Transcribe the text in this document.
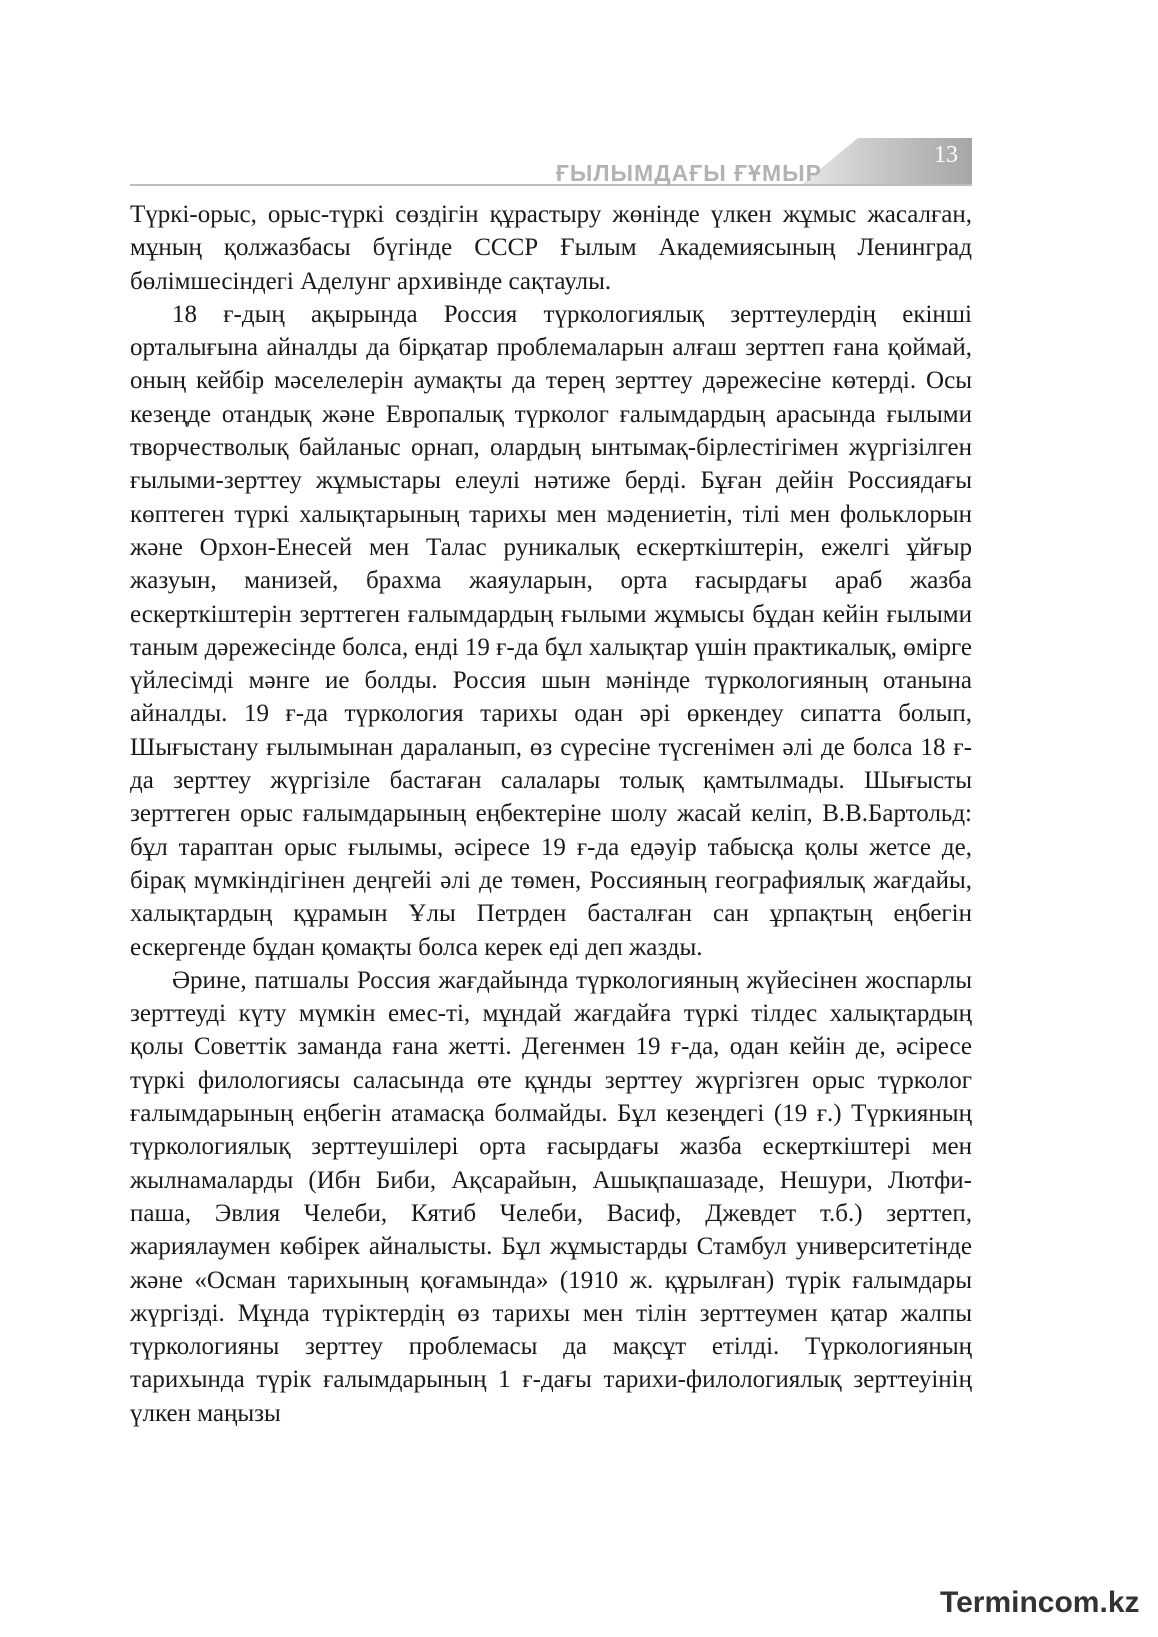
ҒЫЛЫМДАҒЫ ҒҰМЫР
13

Түркі-орыс, орыс-түркі сөздігін құрастыру жөнінде үлкен жұмыс жасалған, мұның қолжазбасы бүгінде СССР Ғылым Академиясының Ленинград бөлімшесіндегі Аделунг архивінде сақтаулы.

18 ғ-дың ақырында Россия түркологиялық зерттеулердің екінші орталығына айналды да бірқатар проблемаларын алғаш зерттеп ғана қоймай, оның кейбір мәселелерін аумақты да терең зерттеу дәрежесіне көтерді. Осы кезеңде отандық және Европалық түрколог ғалымдардың арасында ғылыми творчестволық байланыс орнап, олардың ынтымақ-бірлестігімен жүргізілген ғылыми-зерттеу жұмыстары елеулі нәтиже берді. Бұған дейін Россиядағы көптеген түркі халықтарының тарихы мен мәдениетін, тілі мен фольклорын және Орхон-Енесей мен Талас руникалық ескерткіштерін, ежелгі ұйғыр жазуын, манизей, брахма жаяуларын, орта ғасырдағы араб жазба ескерткіштерін зерттеген ғалымдардың ғылыми жұмысы бұдан кейін ғылыми таным дәрежесінде болса, енді 19 ғ-да бұл халықтар үшін практикалық, өмірге үйлесімді мәнге ие болды. Россия шын мәнінде түркологияның отанына айналды. 19 ғ-да түркология тарихы одан әрі өркендеу сипатта болып, Шығыстану ғылымынан дараланып, өз сүресіне түсгенімен әлі де болса 18 ғ-да зерттеу жүргізіле бастаған салалары толық қамтылмады. Шығысты зерттеген орыс ғалымдарының еңбектеріне шолу жасай келіп, В.В.Бартольд: бұл тараптан орыс ғылымы, әсіресе 19 ғ-да едәуір табысқа қолы жетсе де, бірақ мүмкіндігінен деңгейі әлі де төмен, Россияның географиялық жағдайы, халықтардың құрамын Ұлы Петрден басталған сан ұрпақтың еңбегін ескергенде бұдан қомақты болса керек еді деп жазды.

Әрине, патшалы Россия жағдайында түркологияның жүйесінен жоспарлы зерттеуді күту мүмкін емес-ті, мұндай жағдайға түркі тілдес халықтардың қолы Советтік заманда ғана жетті. Дегенмен 19 ғ-да, одан кейін де, әсіресе түркі филологиясы саласында өте құнды зерттеу жүргізген орыс түрколог ғалымдарының еңбегін атамасқа болмайды. Бұл кезеңдегі (19 ғ.) Түркияның түркологиялық зерттеушілері орта ғасырдағы жазба ескерткіштері мен жылнамаларды (Ибн Биби, Ақсарайын, Ашықпашазаде, Нешури, Лютфи-паша, Эвлия Челеби, Кятиб Челеби, Васиф, Джевдет т.б.) зерттеп, жариялаумен көбірек айналысты. Бұл жұмыстарды Стамбул университетінде және «Осман тарихының қоғамында» (1910 ж. құрылған) түрік ғалымдары жүргізді. Мұнда түріктердің өз тарихы мен тілін зерттеумен қатар жалпы түркологияны зерттеу проблемасы да мақсұт етілді. Түркологияның тарихында түрік ғалымдарының 1 ғ-дағы тарихи-филологиялық зерттеуінің үлкен маңызы

Termincom.kz
